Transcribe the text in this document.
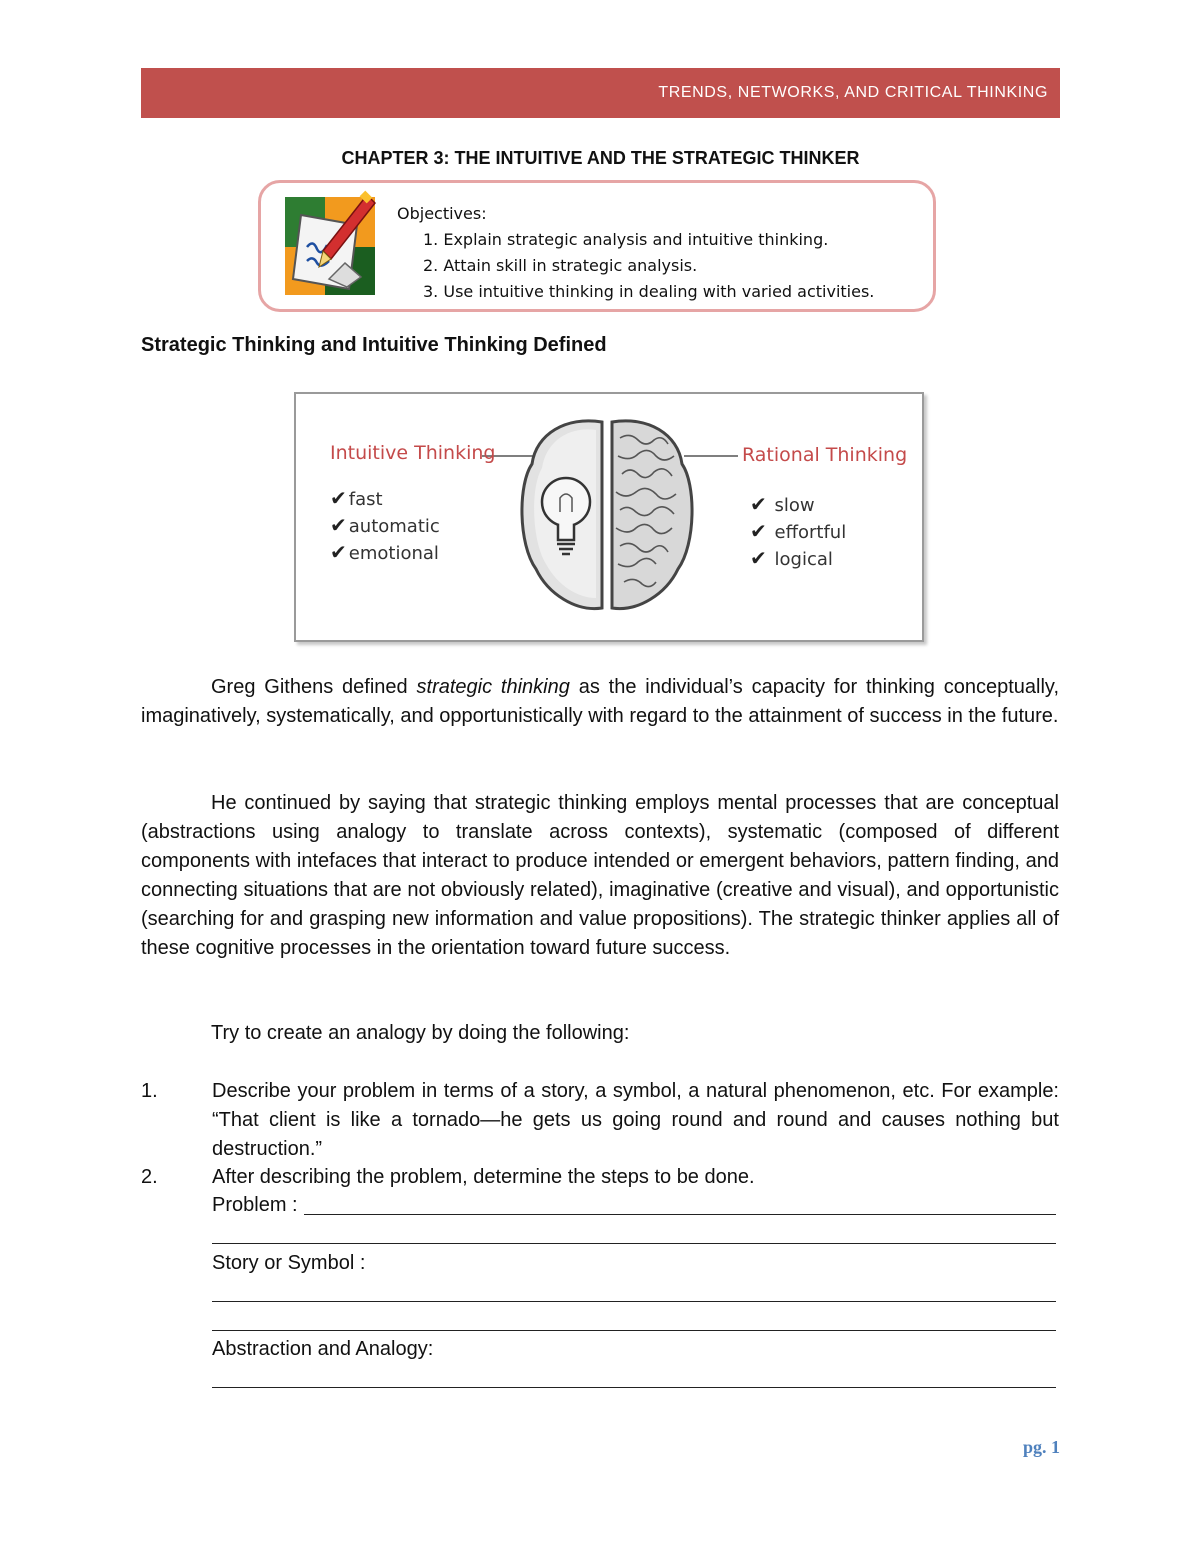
TRENDS, NETWORKS, AND CRITICAL THINKING
CHAPTER 3: THE INTUITIVE AND THE STRATEGIC THINKER
Objectives:
1. Explain strategic analysis and intuitive thinking.
2. Attain skill in strategic analysis.
3. Use intuitive thinking in dealing with varied activities.
Strategic Thinking and Intuitive Thinking Defined
Intuitive Thinking
✔ fast
✔ automatic
✔ emotional
Rational Thinking
✔ slow
✔ effortful
✔ logical
Greg Githens defined strategic thinking as the individual’s capacity for thinking conceptually, imaginatively, systematically, and opportunistically with regard to the attainment of success in the future.
He continued by saying that strategic thinking employs mental processes that are conceptual (abstractions using analogy to translate across contexts), systematic (composed of different components with intefaces that interact to produce intended or emergent behaviors, pattern finding, and connecting situations that are not obviously related), imaginative (creative and visual), and opportunistic (searching for and grasping new information and value propositions). The strategic thinker applies all of these cognitive processes in the orientation toward future success.
Try to create an analogy by doing the following:
1.	Describe your problem in terms of a story, a symbol, a natural phenomenon, etc. For example: “That client is like a tornado—he gets us going round and round and causes nothing but destruction.”
2.	After describing the problem, determine the steps to be done.
Problem :
Story or Symbol :
Abstraction and Analogy:
pg. 1
